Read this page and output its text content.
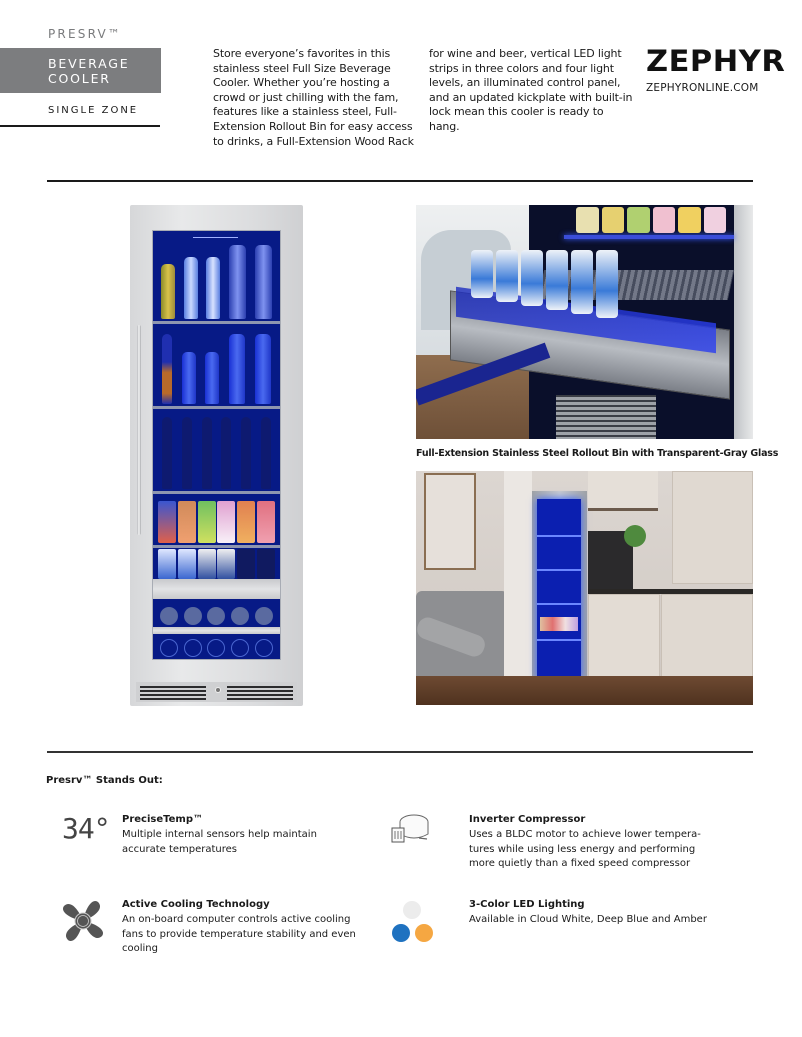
PRESRV™
BEVERAGE
COOLER
SINGLE ZONE

Store everyone’s favorites in this stainless steel Full Size Beverage Cooler. Whether you’re hosting a crowd or just chilling with the fam, features like a stainless steel, Full-Extension Rollout Bin for easy access to drinks, a Full-Extension Wood Rack

for wine and beer, vertical LED light strips in three colors and four light levels, an illuminated control panel, and an updated kickplate with built-in lock mean this cooler is ready to hang.

ZEPHYR
ZEPHYRONLINE.COM
Full-Extension Stainless Steel Rollout Bin with Transparent-Gray Glass
Presrv™ Stands Out:
34° PreciseTemp™
Multiple internal sensors help maintain accurate temperatures
Inverter Compressor
Uses a BLDC motor to achieve lower tempera-tures while using less energy and performing more quietly than a fixed speed compressor
Active Cooling Technology
An on-board computer controls active cooling fans to provide temperature stability and even cooling
3-Color LED Lighting
Available in Cloud White, Deep Blue and Amber
